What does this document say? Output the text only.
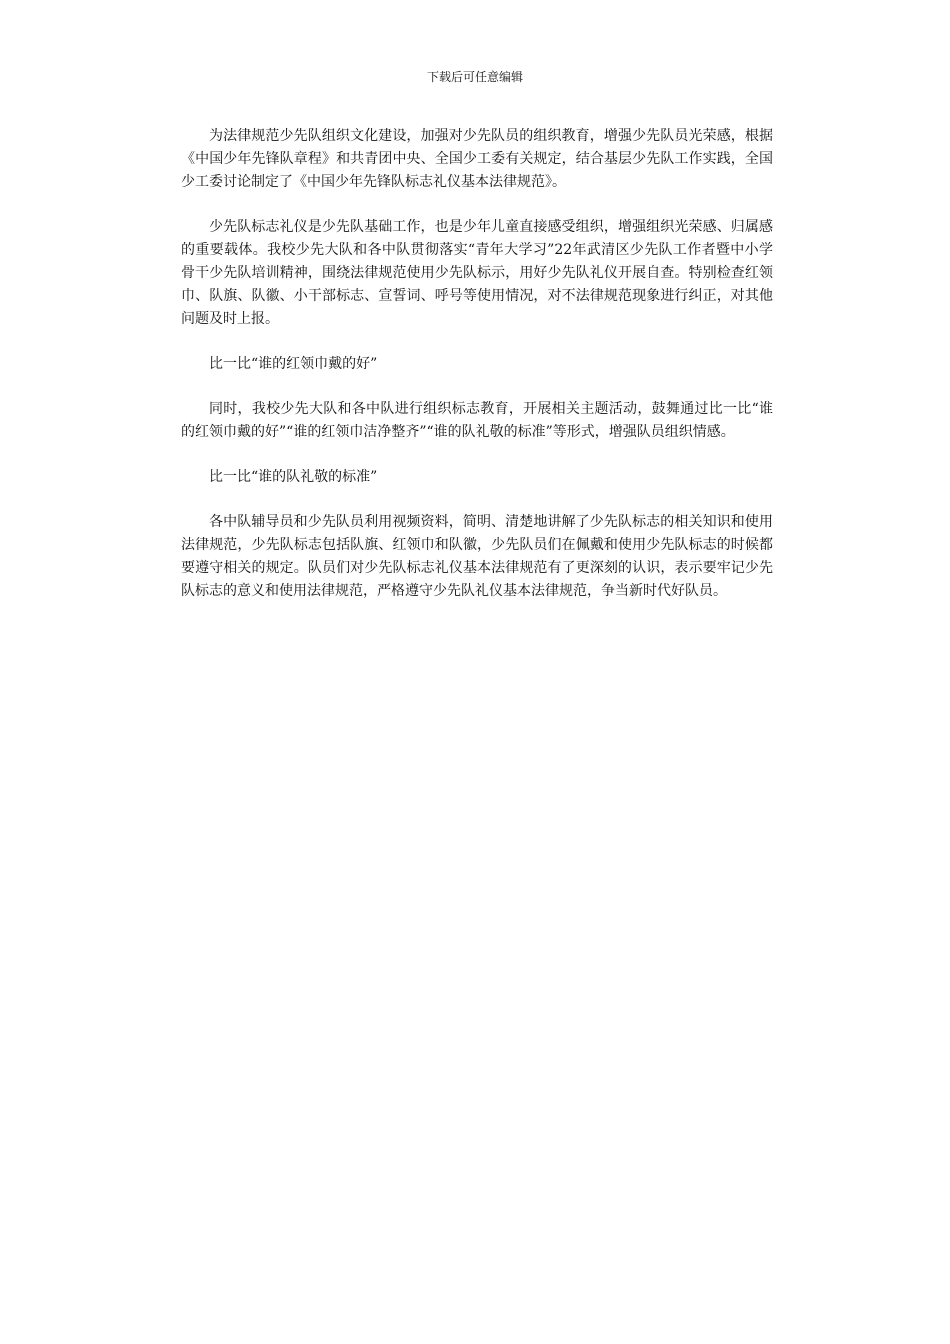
下载后可任意编辑

为法律规范少先队组织文化建设，加强对少先队员的组织教育，增强少先队员光荣感，根据《中国少年先锋队章程》和共青团中央、全国少工委有关规定，结合基层少先队工作实践，全国少工委讨论制定了《中国少年先锋队标志礼仪基本法律规范》。

少先队标志礼仪是少先队基础工作，也是少年儿童直接感受组织，增强组织光荣感、归属感的重要载体。我校少先大队和各中队贯彻落实“青年大学习”22年武清区少先队工作者暨中小学骨干少先队培训精神，围绕法律规范使用少先队标示，用好少先队礼仪开展自查。特别检查红领巾、队旗、队徽、小干部标志、宣誓词、呼号等使用情况，对不法律规范现象进行纠正，对其他问题及时上报。

比一比“谁的红领巾戴的好”

同时，我校少先大队和各中队进行组织标志教育，开展相关主题活动，鼓舞通过比一比“谁的红领巾戴的好”“谁的红领巾洁净整齐”“谁的队礼敬的标准”等形式，增强队员组织情感。

比一比“谁的队礼敬的标准”

各中队辅导员和少先队员利用视频资料，简明、清楚地讲解了少先队标志的相关知识和使用法律规范，少先队标志包括队旗、红领巾和队徽，少先队员们在佩戴和使用少先队标志的时候都要遵守相关的规定。队员们对少先队标志礼仪基本法律规范有了更深刻的认识，表示要牢记少先队标志的意义和使用法律规范，严格遵守少先队礼仪基本法律规范，争当新时代好队员。
